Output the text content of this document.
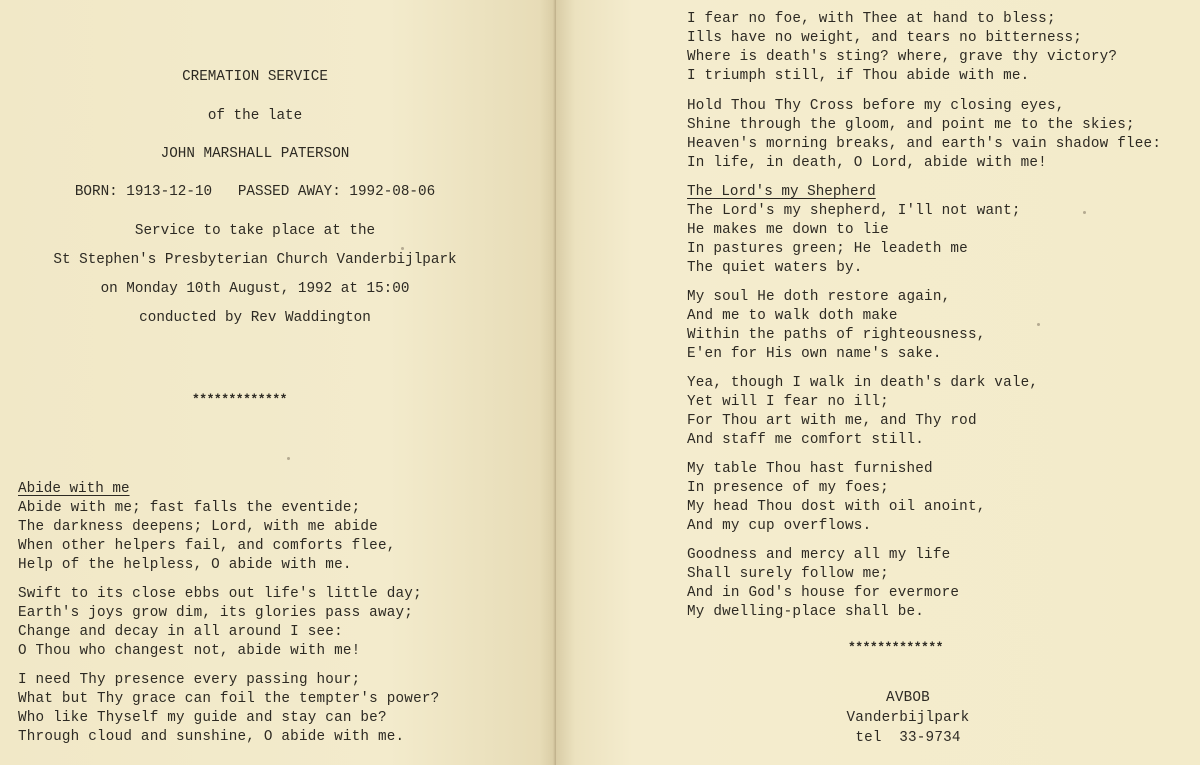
CREMATION SERVICE
of the late
JOHN MARSHALL PATERSON
BORN: 1913-12-10   PASSED AWAY: 1992-08-06
Service to take place at the
St Stephen's Presbyterian Church Vanderbijlpark
on Monday 10th August, 1992 at 15:00
conducted by Rev Waddington
*************
Abide with me
Abide with me; fast falls the eventide;
The darkness deepens; Lord, with me abide
When other helpers fail, and comforts flee,
Help of the helpless, O abide with me.
Swift to its close ebbs out life's little day;
Earth's joys grow dim, its glories pass away;
Change and decay in all around I see:
O Thou who changest not, abide with me!
I need Thy presence every passing hour;
What but Thy grace can foil the tempter's power?
Who like Thyself my guide and stay can be?
Through cloud and sunshine, O abide with me.
I fear no foe, with Thee at hand to bless;
Ills have no weight, and tears no bitterness;
Where is death's sting? where, grave thy victory?
I triumph still, if Thou abide with me.
Hold Thou Thy Cross before my closing eyes,
Shine through the gloom, and point me to the skies;
Heaven's morning breaks, and earth's vain shadow flee:
In life, in death, O Lord, abide with me!
The Lord's my Shepherd
The Lord's my shepherd, I'll not want;
He makes me down to lie
In pastures green; He leadeth me
The quiet waters by.
My soul He doth restore again,
And me to walk doth make
Within the paths of righteousness,
E'en for His own name's sake.
Yea, though I walk in death's dark vale,
Yet will I fear no ill;
For Thou art with me, and Thy rod
And staff me comfort still.
My table Thou hast furnished
In presence of my foes;
My head Thou dost with oil anoint,
And my cup overflows.
Goodness and mercy all my life
Shall surely follow me;
And in God's house for evermore
My dwelling-place shall be.
*************
AVBOB
Vanderbijlpark
tel  33-9734
